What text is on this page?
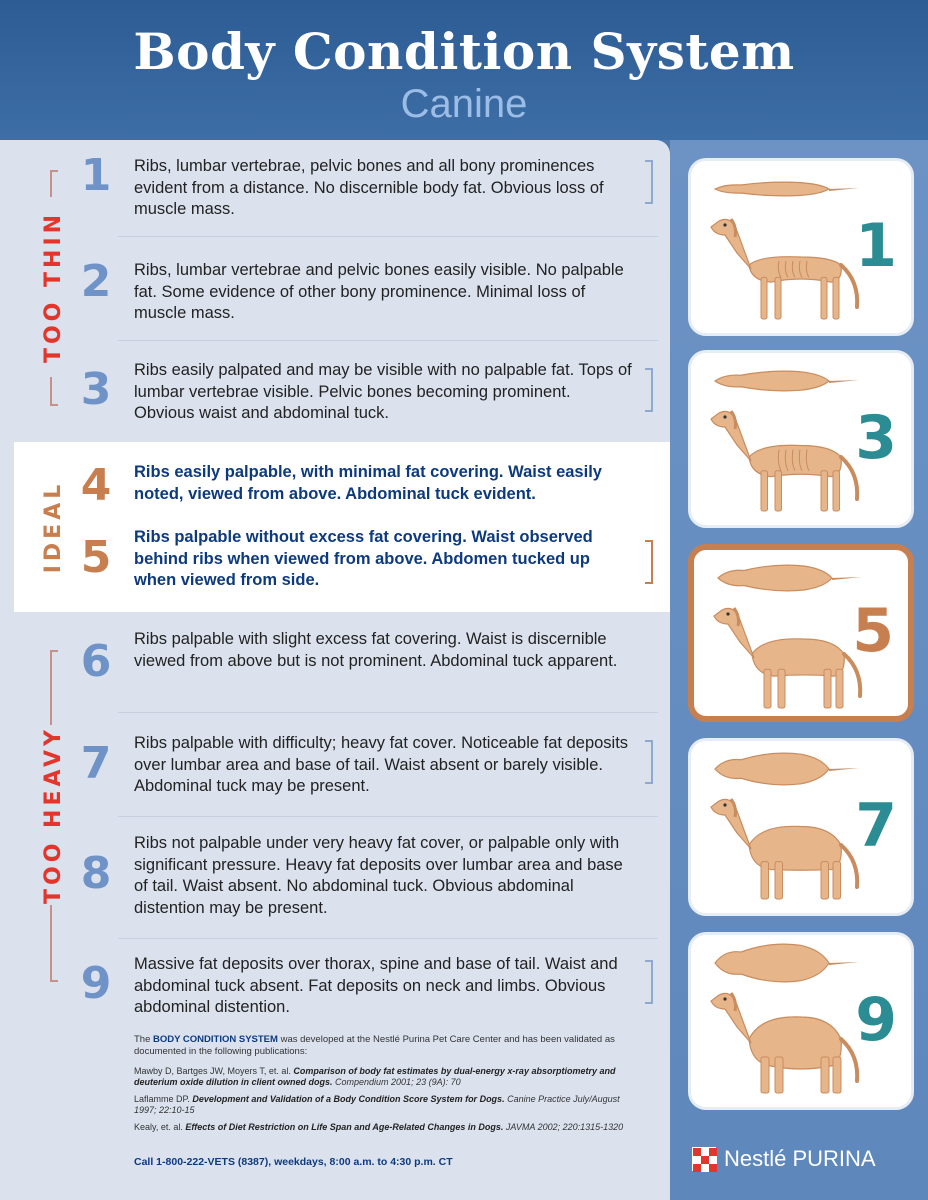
Body Condition System
Canine
TOO THIN
IDEAL
TOO HEAVY
1 Ribs, lumbar vertebrae, pelvic bones and all bony prominences evident from a distance. No discernible body fat. Obvious loss of muscle mass.
2 Ribs, lumbar vertebrae and pelvic bones easily visible. No palpable fat. Some evidence of other bony prominence. Minimal loss of muscle mass.
3 Ribs easily palpated and may be visible with no palpable fat. Tops of lumbar vertebrae visible. Pelvic bones becoming prominent. Obvious waist and abdominal tuck.
4 Ribs easily palpable, with minimal fat covering. Waist easily noted, viewed from above. Abdominal tuck evident.
5 Ribs palpable without excess fat covering. Waist observed behind ribs when viewed from above. Abdomen tucked up when viewed from side.
6 Ribs palpable with slight excess fat covering. Waist is discernible viewed from above but is not prominent. Abdominal tuck apparent.
7 Ribs palpable with difficulty; heavy fat cover. Noticeable fat deposits over lumbar area and base of tail. Waist absent or barely visible. Abdominal tuck may be present.
8
Ribs not palpable under very heavy fat cover, or palpable only with significant pressure. Heavy fat deposits over lumbar area and base of tail. Waist absent. No abdominal tuck. Obvious abdominal distention may be present.
9 Massive fat deposits over thorax, spine and base of tail. Waist and abdominal tuck absent. Fat deposits on neck and limbs. Obvious abdominal distention.
1
3
5
7
9
The BODY CONDITION SYSTEM was developed at the Nestlé Purina Pet Care Center and has been validated as documented in the following publications:
Mawby D, Bartges JW, Moyers T, et. al. Comparison of body fat estimates by dual-energy x-ray absorptiometry and deuterium oxide dilution in client owned dogs. Compendium 2001; 23 (9A): 70
Laflamme DP. Development and Validation of a Body Condition Score System for Dogs. Canine Practice July/August 1997; 22:10-15
Kealy, et. al. Effects of Diet Restriction on Life Span and Age-Related Changes in Dogs. JAVMA 2002; 220:1315-1320
Call 1-800-222-VETS (8387), weekdays, 8:00 a.m. to 4:30 p.m. CT	Nestlé PURINA
